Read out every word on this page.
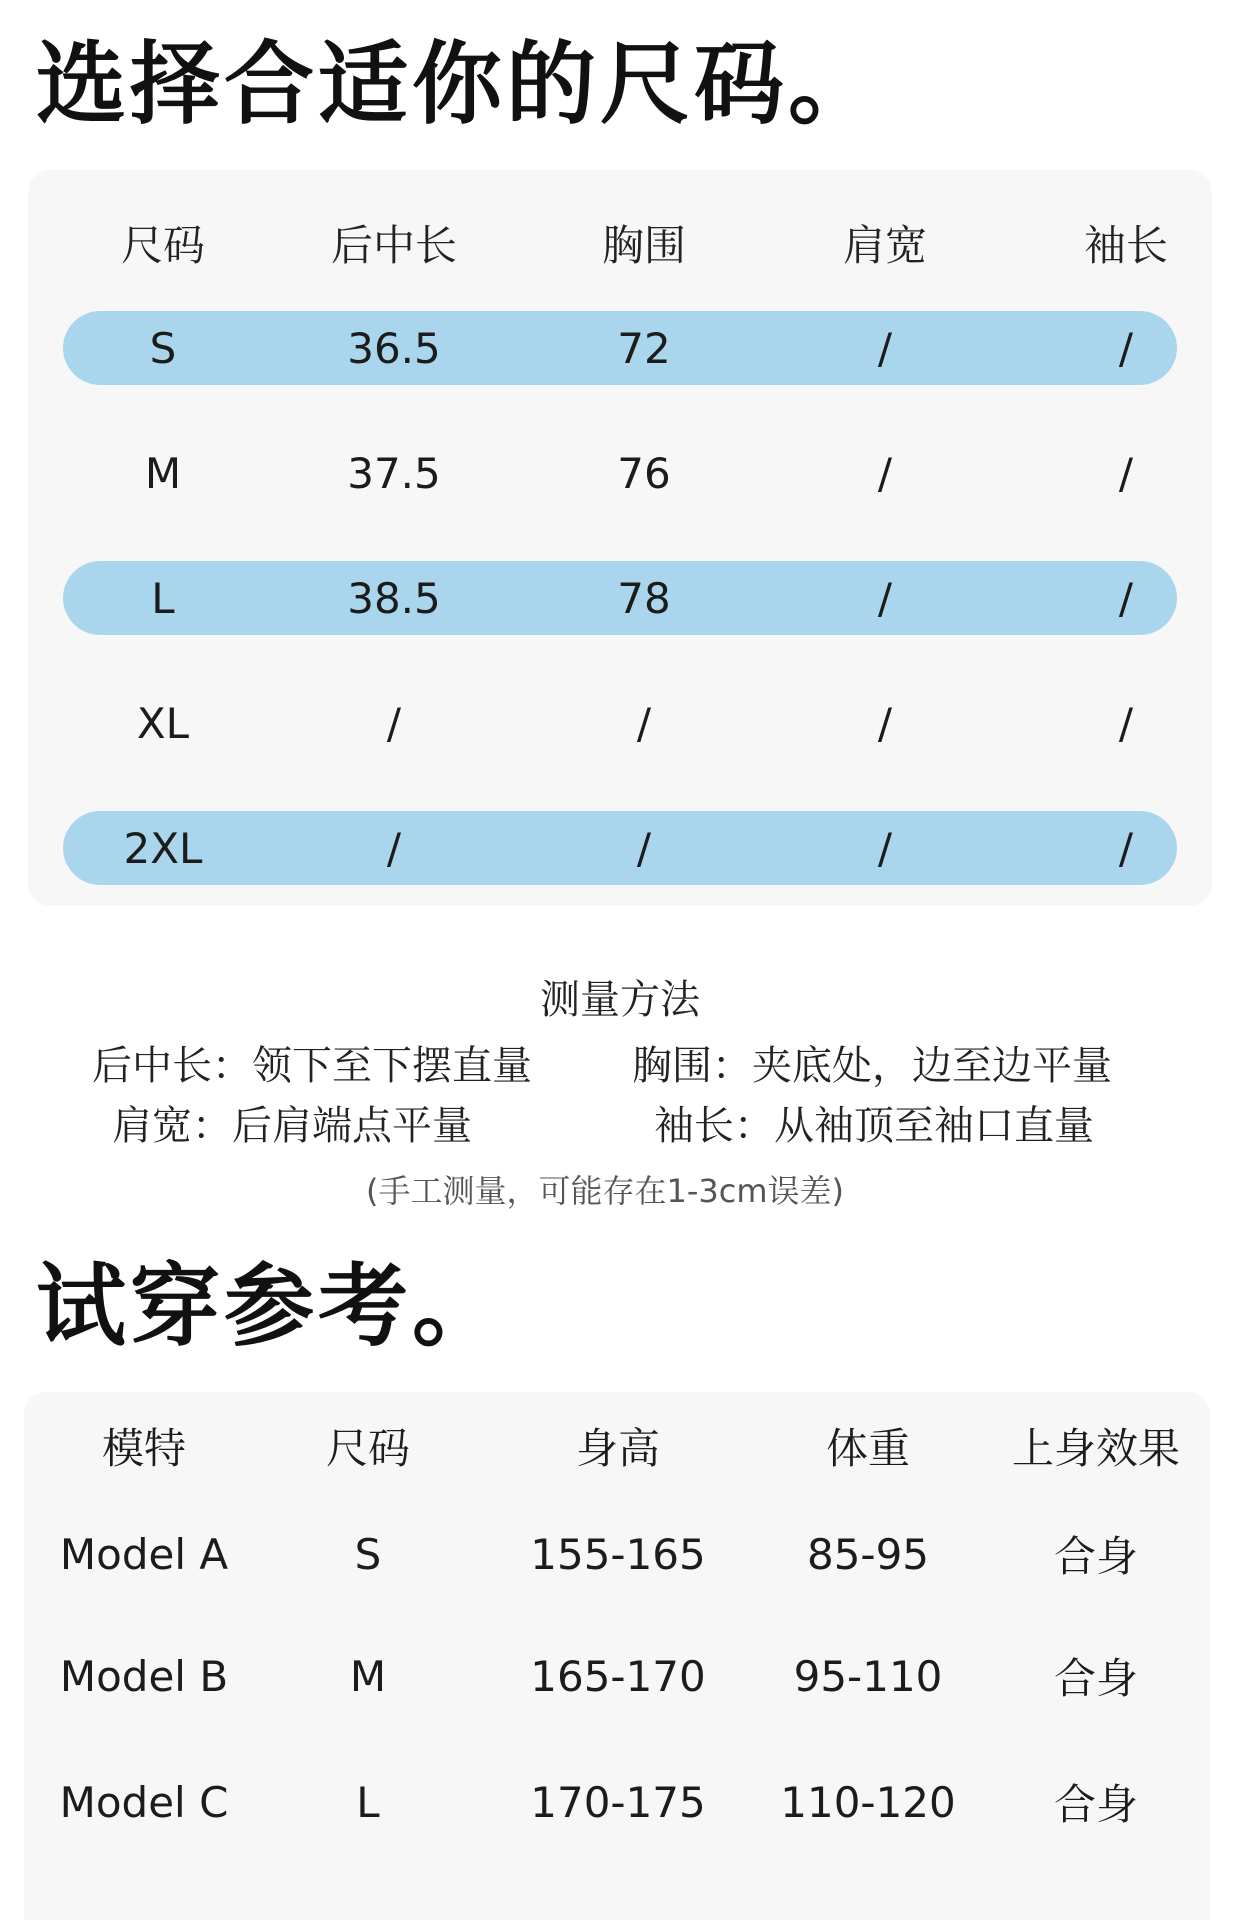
选择合适你的尺码。
尺码	后中长	胸围	肩宽	袖长
S	36.5	72	/	/
M	37.5	76	/	/
L	38.5	78	/	/
XL	/	/	/	/
2XL	/	/	/	/
测量方法
后中长：领下至下摆直量	胸围：夹底处，边至边平量
肩宽：后肩端点平量	袖长：从袖顶至袖口直量
(手工测量，可能存在1-3cm误差)
试穿参考。
模特	尺码	身高	体重 上身效果
Model A	S	155-165 85-95	合身
Model B	M	165-170 95-110	合身
Model C	L	170-175 110-120 合身
